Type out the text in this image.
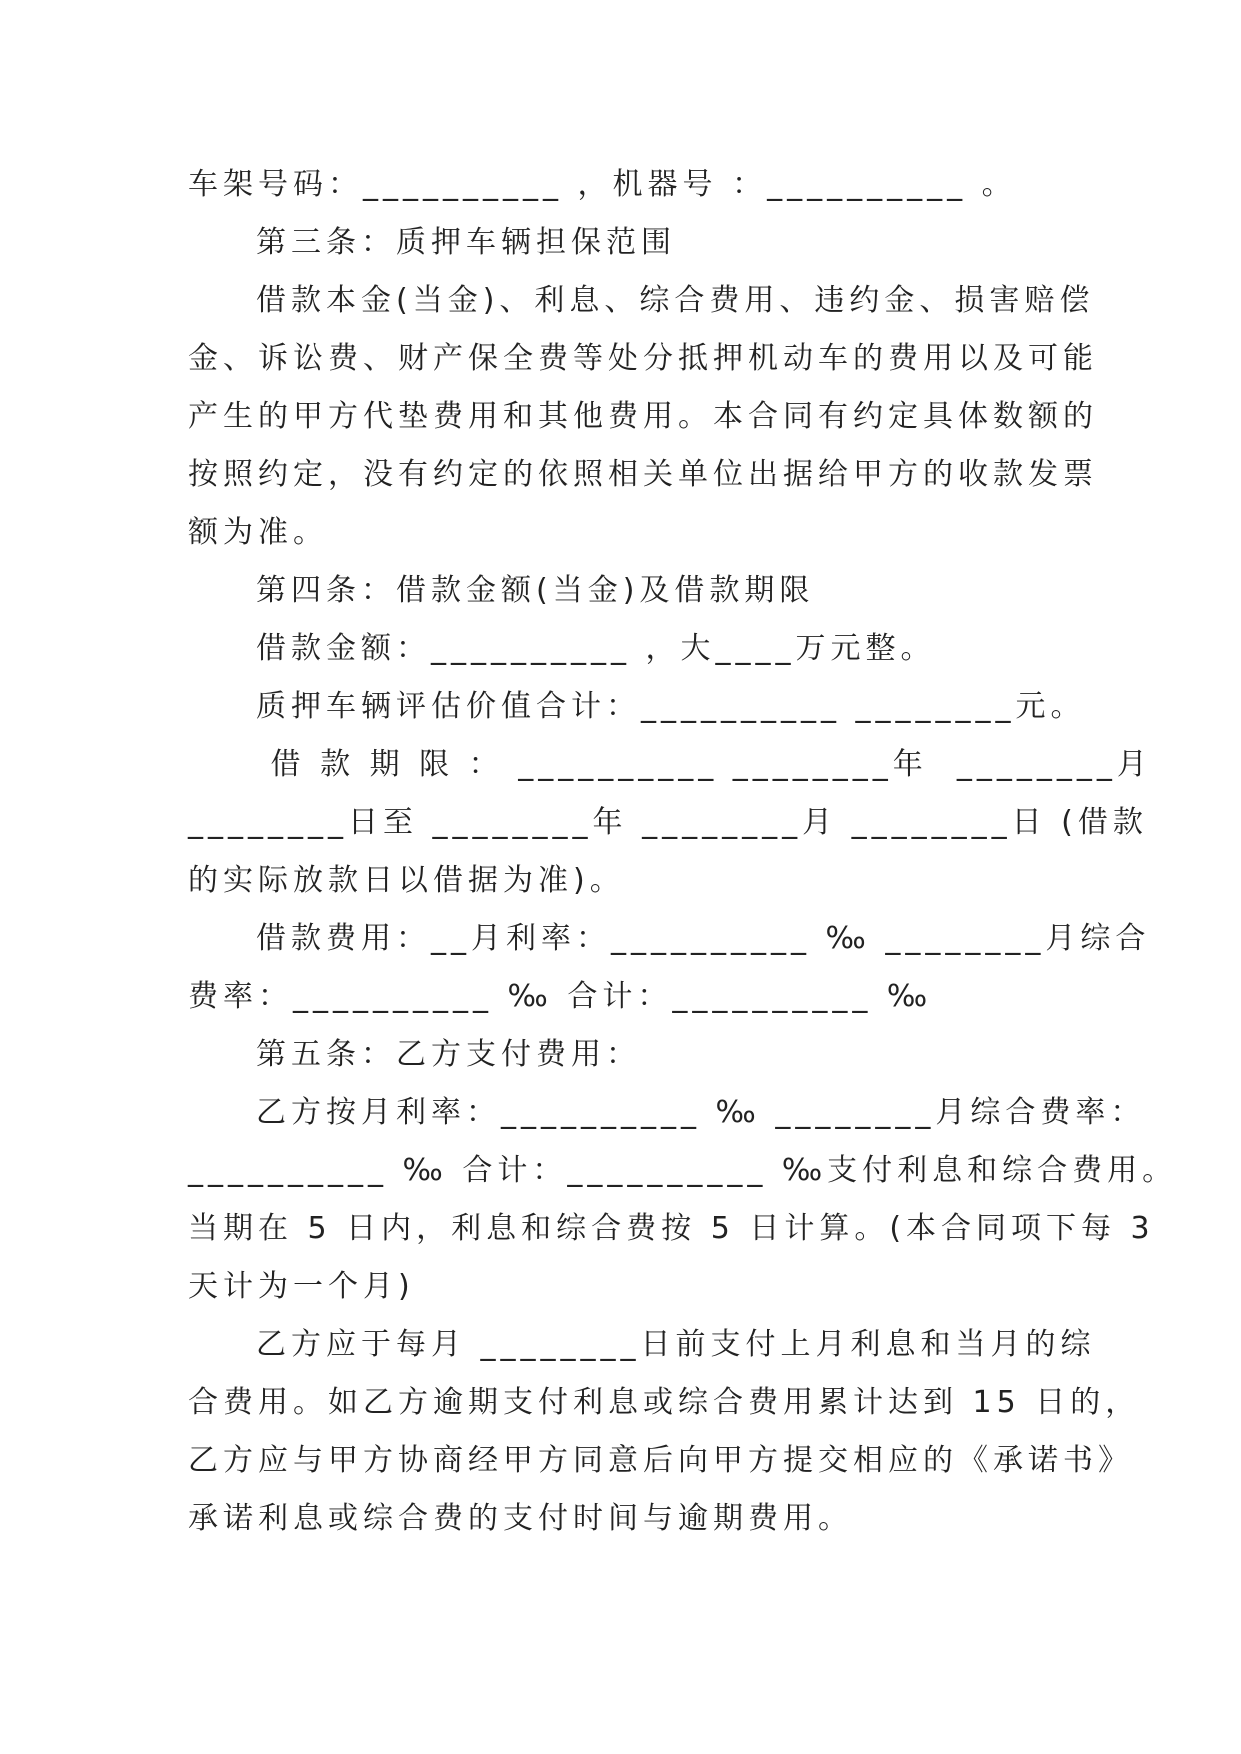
车架号码：__________ ，机器号 ：__________ 。
第三条：质押车辆担保范围
借款本金(当金)、利息、综合费用、违约金、损害赔偿
金、诉讼费、财产保全费等处分抵押机动车的费用以及可能
产生的甲方代垫费用和其他费用。本合同有约定具体数额的
按照约定，没有约定的依照相关单位出据给甲方的收款发票
额为准。
第四条：借款金额(当金)及借款期限
借款金额：__________ ，大____万元整。
质押车辆评估价值合计：__________ ________元。
借 款 期 限 ： __________ ________年  ________月
________日至 ________年 ________月 ________日 (借款
的实际放款日以借据为准)。
借款费用：__月利率：__________ ‰ ________月综合
费率：__________ ‰ 合计：__________ ‰
第五条：乙方支付费用：
乙方按月利率：__________ ‰ ________月综合费率：
__________ ‰ 合计：__________ ‰支付利息和综合费用。
当期在 5 日内，利息和综合费按 5 日计算。(本合同项下每 3
天计为一个月)
乙方应于每月 ________日前支付上月利息和当月的综
合费用。如乙方逾期支付利息或综合费用累计达到 15 日的，
乙方应与甲方协商经甲方同意后向甲方提交相应的《承诺书》
承诺利息或综合费的支付时间与逾期费用。
